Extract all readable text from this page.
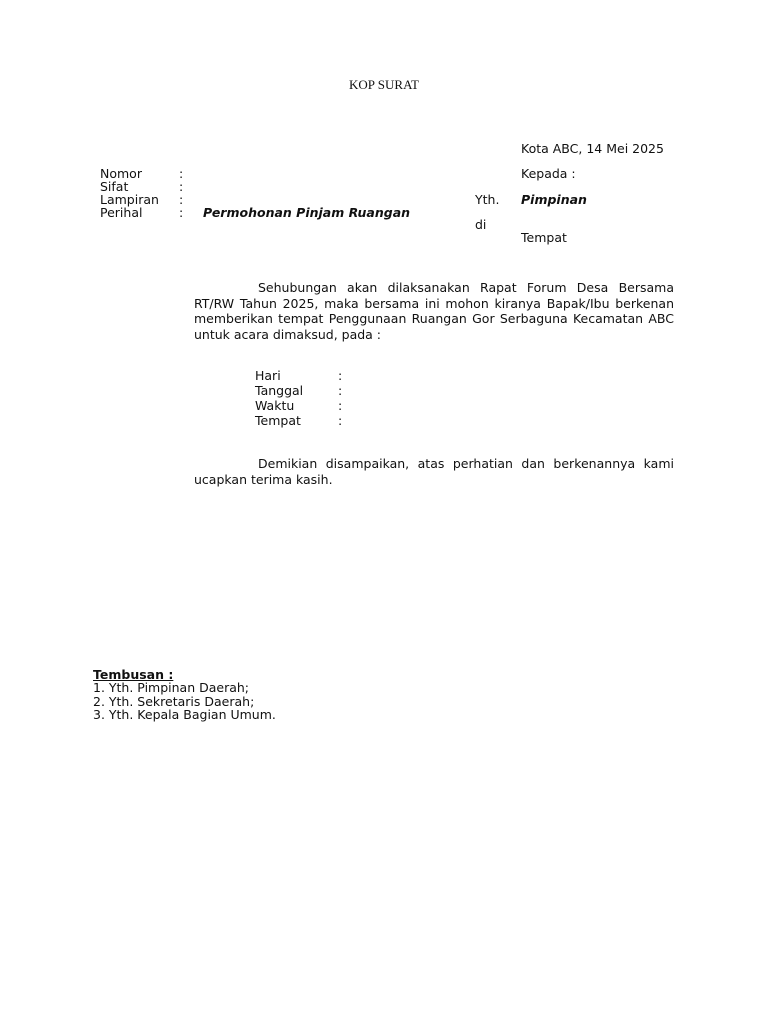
KOP SURAT
Kota ABC, 14 Mei 2025
Nomor	:
Sifat	:
Lampiran :
Perihal	: Permohonan Pinjam Ruangan
Kepada :
Yth. Pimpinan
di
Tempat
Sehubungan akan dilaksanakan Rapat Forum Desa Bersama RT/RW Tahun 2025, maka bersama ini mohon kiranya Bapak/Ibu berkenan memberikan tempat Penggunaan Ruangan Gor Serbaguna Kecamatan ABC untuk acara dimaksud, pada :
Hari	:
Tanggal	:
Waktu	:
Tempat	:
Demikian disampaikan, atas perhatian dan berkenannya kami ucapkan terima kasih.
Tembusan :
1. Yth. Pimpinan Daerah;
2. Yth. Sekretaris Daerah;
3. Yth. Kepala Bagian Umum.
